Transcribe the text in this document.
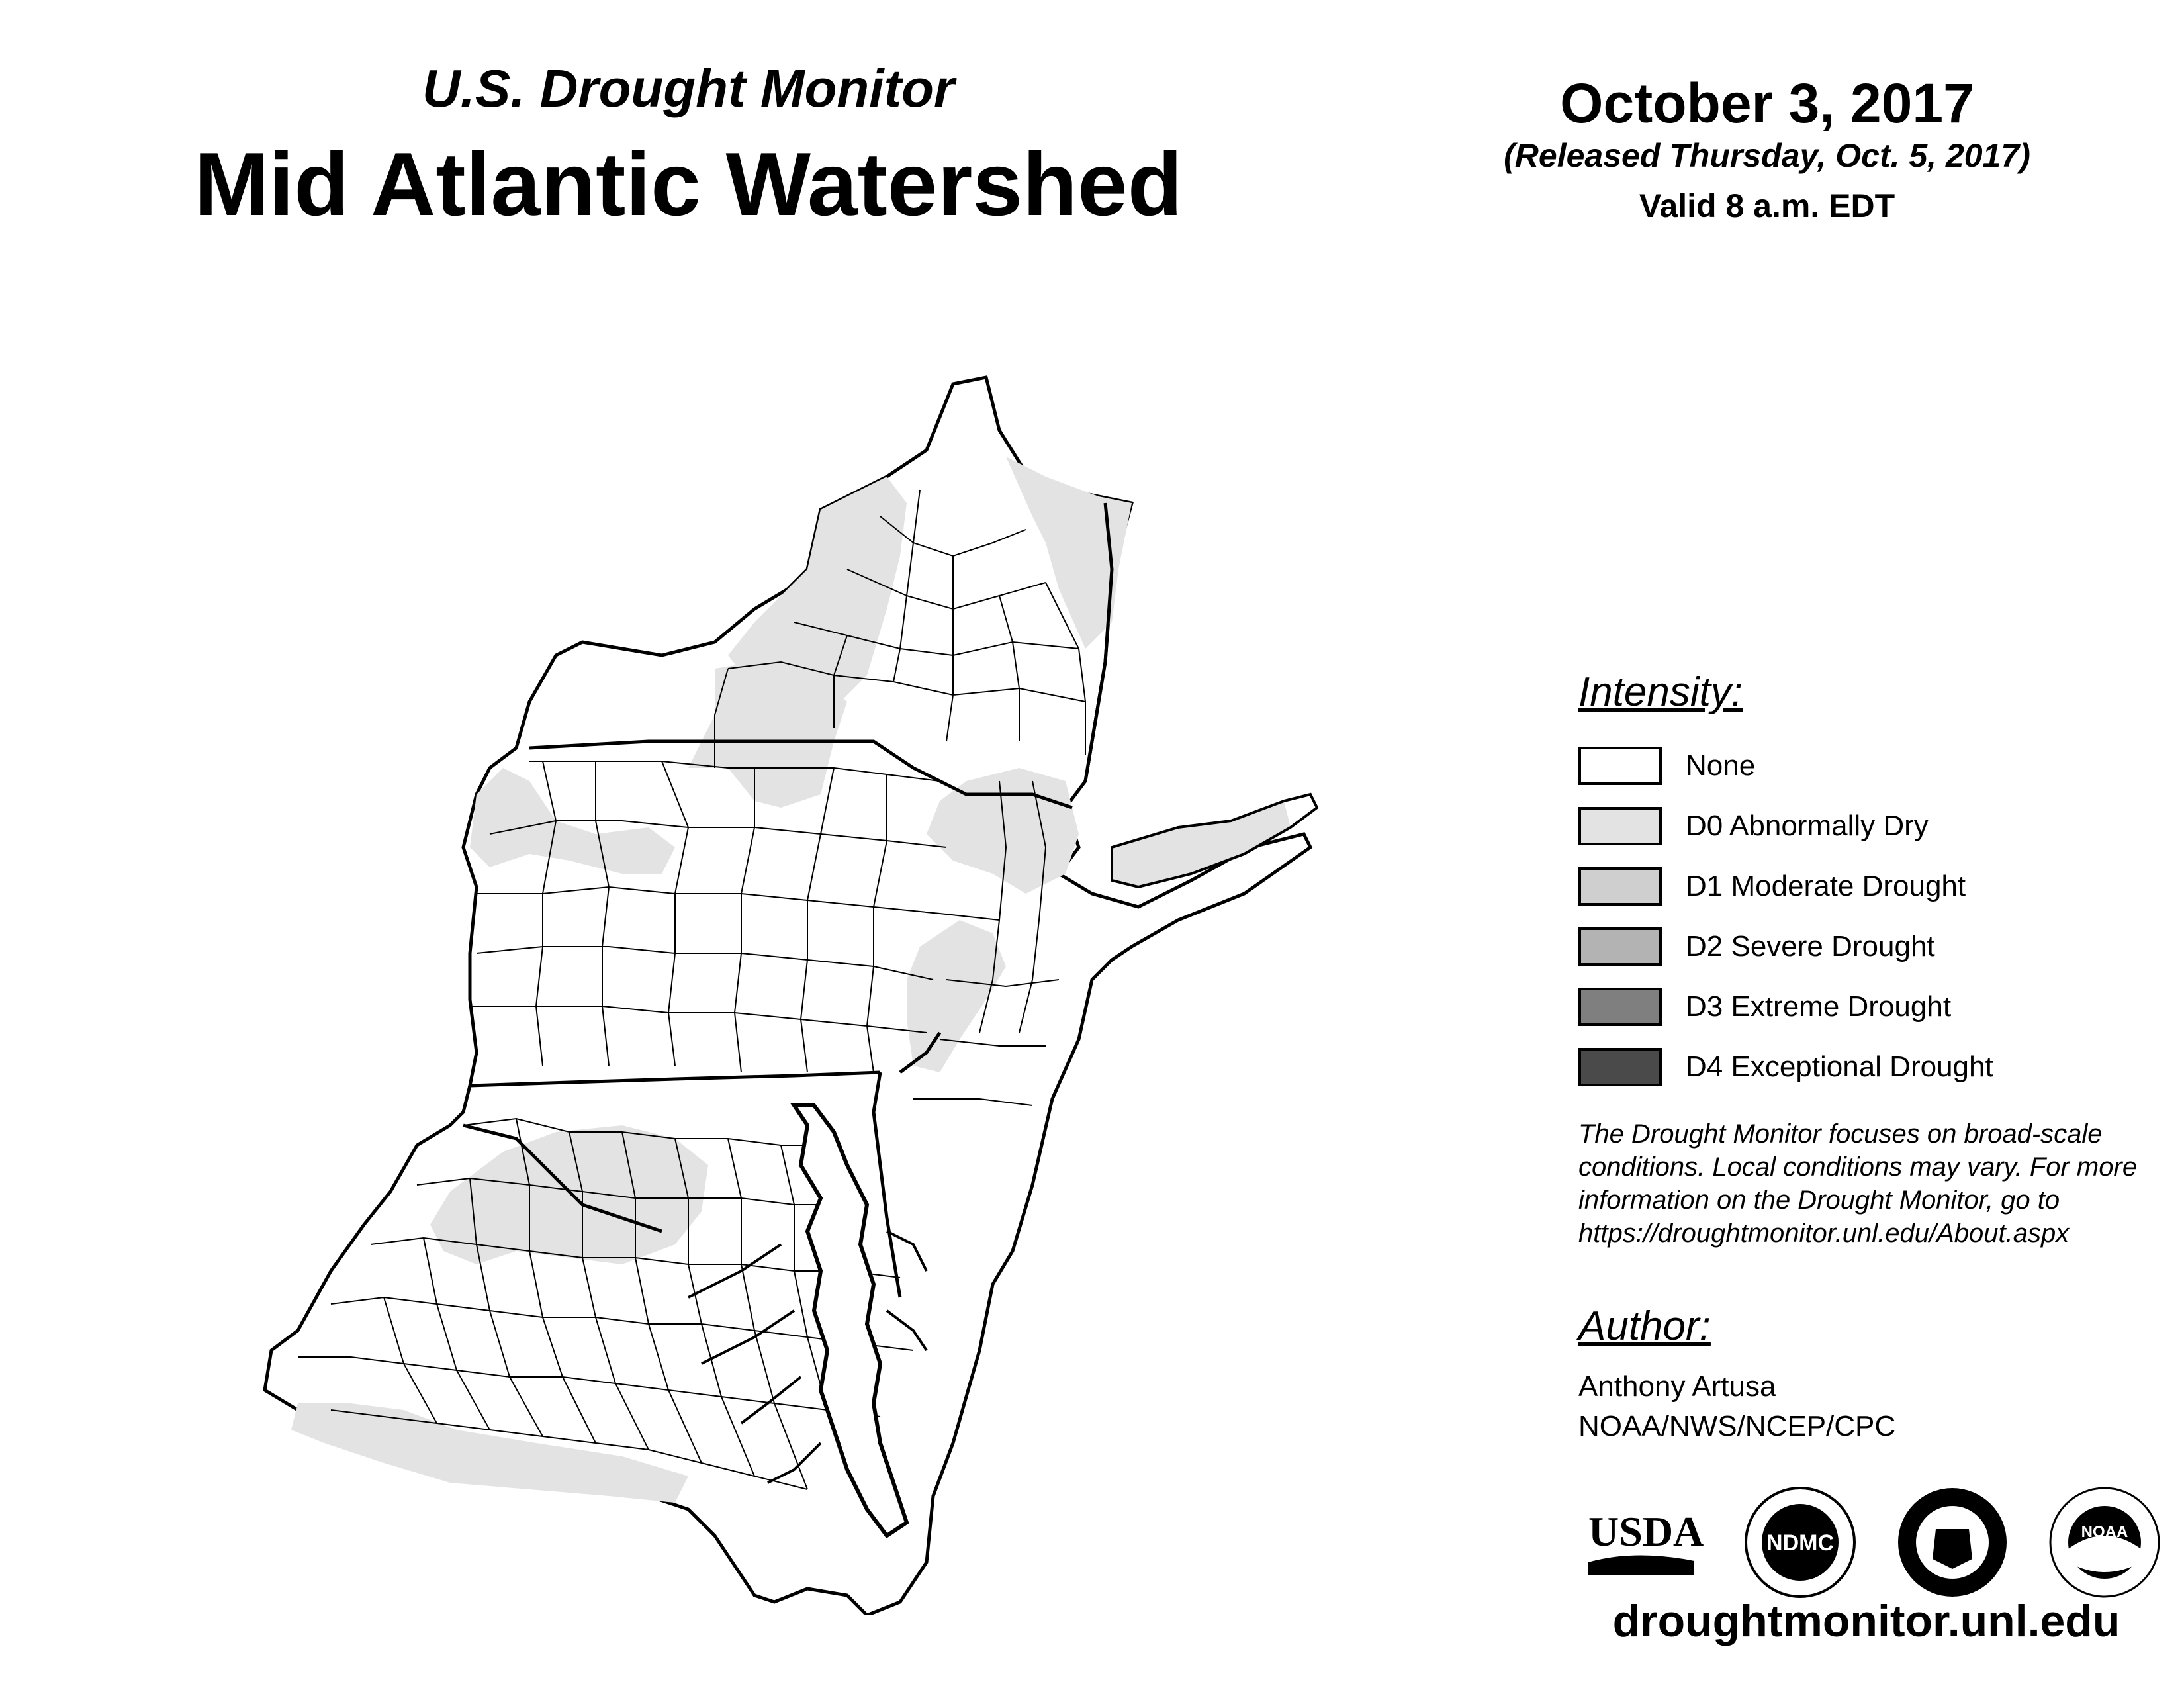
U.S. Drought Monitor
Mid Atlantic Watershed
October 3, 2017
(Released Thursday, Oct. 5, 2017)
Valid 8 a.m. EDT
Intensity:
None
D0 Abnormally Dry
D1 Moderate Drought
D2 Severe Drought
D3 Extreme Drought
D4 Exceptional Drought
The Drought Monitor focuses on broad-scale
conditions. Local conditions may vary. For more
information on the Drought Monitor, go to
https://droughtmonitor.unl.edu/About.aspx
Author:
Anthony Artusa
NOAA/NWS/NCEP/CPC
USDA	NDMC	NOAA
droughtmonitor.unl.edu
